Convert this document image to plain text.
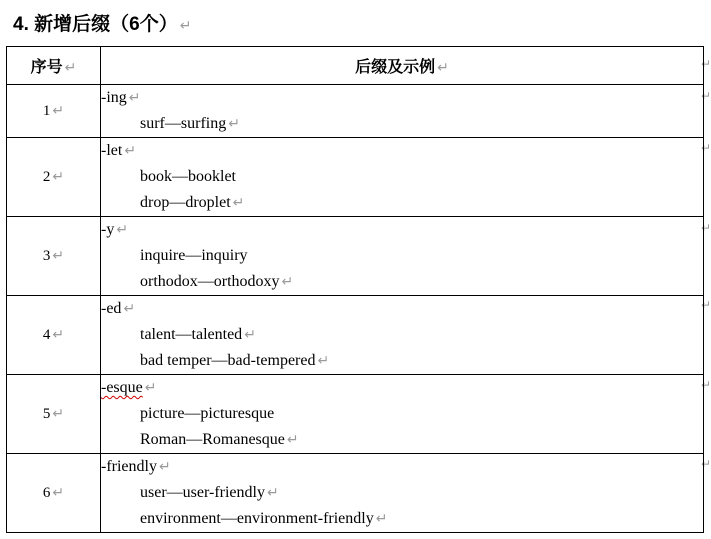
4. 新增后缀（6个） ↵
↵
↵
↵
↵
↵
↵
↵
序号 ↵	后缀及示例 ↵
1 ↵	-ing ↵
surf—surfing ↵

2 ↵	-let ↵
book—booklet
drop—droplet ↵

3 ↵	-y ↵
inquire—inquiry
orthodox—orthodoxy ↵

4 ↵	-ed ↵
talent—talented ↵
bad temper—bad-tempered ↵

5 ↵	-esque ↵
picture—picturesque
Roman—Romanesque ↵

6 ↵	-friendly ↵
user—user-friendly ↵
environment—environment-friendly ↵
